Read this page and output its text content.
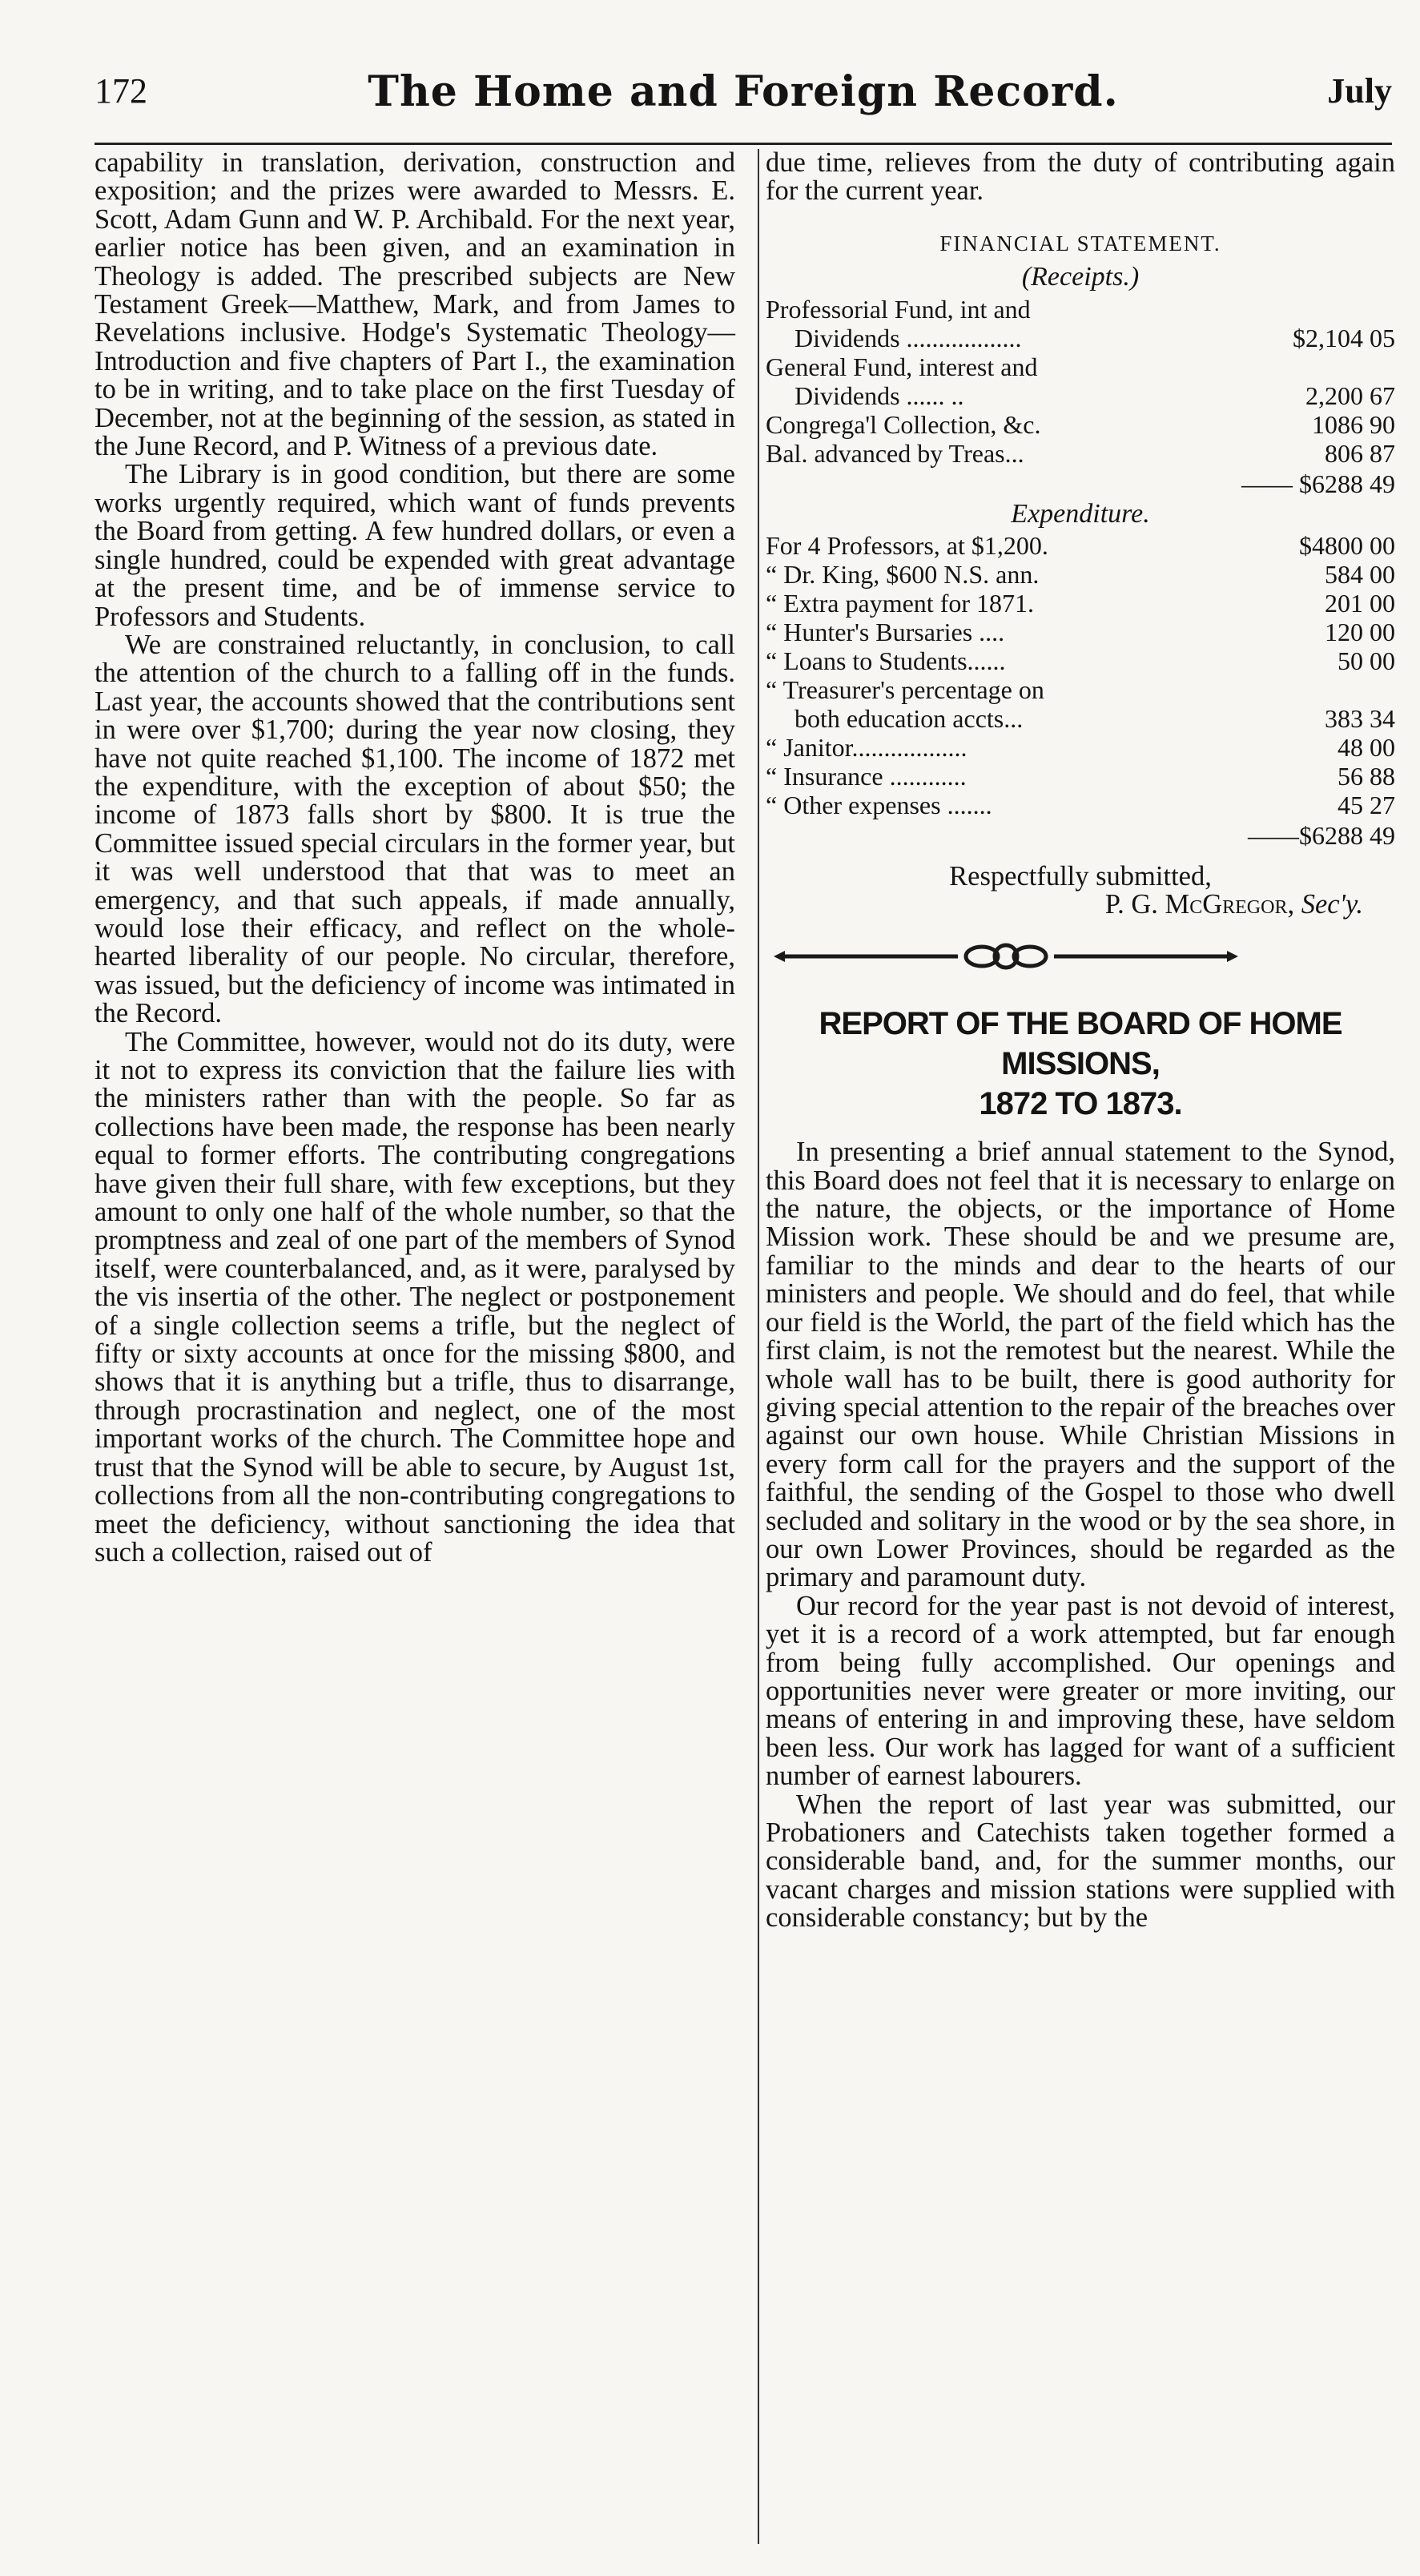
172	The Home and Foreign Record.	July

capability in translation, derivation, construction and exposition; and the prizes were awarded to Messrs. E. Scott, Adam Gunn and W. P. Archibald. For the next year, earlier notice has been given, and an examination in Theology is added. The prescribed subjects are New Testament Greek—Matthew, Mark, and from James to Revelations inclusive. Hodge's Systematic Theology—Introduction and five chapters of Part I., the examination to be in writing, and to take place on the first Tuesday of December, not at the beginning of the session, as stated in the June Record, and P. Witness of a previous date.

The Library is in good condition, but there are some works urgently required, which want of funds prevents the Board from getting. A few hundred dollars, or even a single hundred, could be expended with great advantage at the present time, and be of immense service to Professors and Students.

We are constrained reluctantly, in conclusion, to call the attention of the church to a falling off in the funds. Last year, the accounts showed that the contributions sent in were over $1,700; during the year now closing, they have not quite reached $1,100. The income of 1872 met the expenditure, with the exception of about $50; the income of 1873 falls short by $800. It is true the Committee issued special circulars in the former year, but it was well understood that that was to meet an emergency, and that such appeals, if made annually, would lose their efficacy, and reflect on the whole-hearted liberality of our people. No circular, therefore, was issued, but the deficiency of income was intimated in the Record.

The Committee, however, would not do its duty, were it not to express its conviction that the failure lies with the ministers rather than with the people. So far as collections have been made, the response has been nearly equal to former efforts. The contributing congregations have given their full share, with few exceptions, but they amount to only one half of the whole number, so that the promptness and zeal of one part of the members of Synod itself, were counterbalanced, and, as it were, paralysed by the vis insertia of the other. The neglect or postponement of a single collection seems a trifle, but the neglect of fifty or sixty accounts at once for the missing $800, and shows that it is anything but a trifle, thus to disarrange, through procrastination and neglect, one of the most important works of the church. The Committee hope and trust that the Synod will be able to secure, by August 1st, collections from all the non-contributing congregations to meet the deficiency, without sanctioning the idea that such a collection, raised out of

due time, relieves from the duty of contributing again for the current year.

FINANCIAL STATEMENT.
(Receipts.)
Professorial Fund, int and
Dividends ..................	$2,104 05
General Fund, interest and
Dividends ...... ..	2,200 67
Congrega'l Collection, &c.	1086 90
Bal. advanced by Treas...	806 87
—— $6288 49
Expenditure.
For 4 Professors, at $1,200.	$4800 00
“ Dr. King, $600 N.S. ann.	584 00
“ Extra payment for 1871.	201 00
“ Hunter's Bursaries ....	120 00
“ Loans to Students......	50 00
“ Treasurer's percentage on
both education accts...	383 34
“ Janitor..................	48 00
“ Insurance ............	56 88
“ Other expenses .......	45 27
——$6288 49
Respectfully submitted,
P. G. McGregor, Sec'y.
REPORT OF THE BOARD OF HOME MISSIONS,
1872 TO 1873.

In presenting a brief annual statement to the Synod, this Board does not feel that it is necessary to enlarge on the nature, the objects, or the importance of Home Mission work. These should be and we presume are, familiar to the minds and dear to the hearts of our ministers and people. We should and do feel, that while our field is the World, the part of the field which has the first claim, is not the remotest but the nearest. While the whole wall has to be built, there is good authority for giving special attention to the repair of the breaches over against our own house. While Christian Missions in every form call for the prayers and the support of the faithful, the sending of the Gospel to those who dwell secluded and solitary in the wood or by the sea shore, in our own Lower Provinces, should be regarded as the primary and paramount duty.

Our record for the year past is not devoid of interest, yet it is a record of a work attempted, but far enough from being fully accomplished. Our openings and opportunities never were greater or more inviting, our means of entering in and improving these, have seldom been less. Our work has lagged for want of a sufficient number of earnest labourers.

When the report of last year was submitted, our Probationers and Catechists taken together formed a considerable band, and, for the summer months, our vacant charges and mission stations were supplied with considerable constancy; but by the
